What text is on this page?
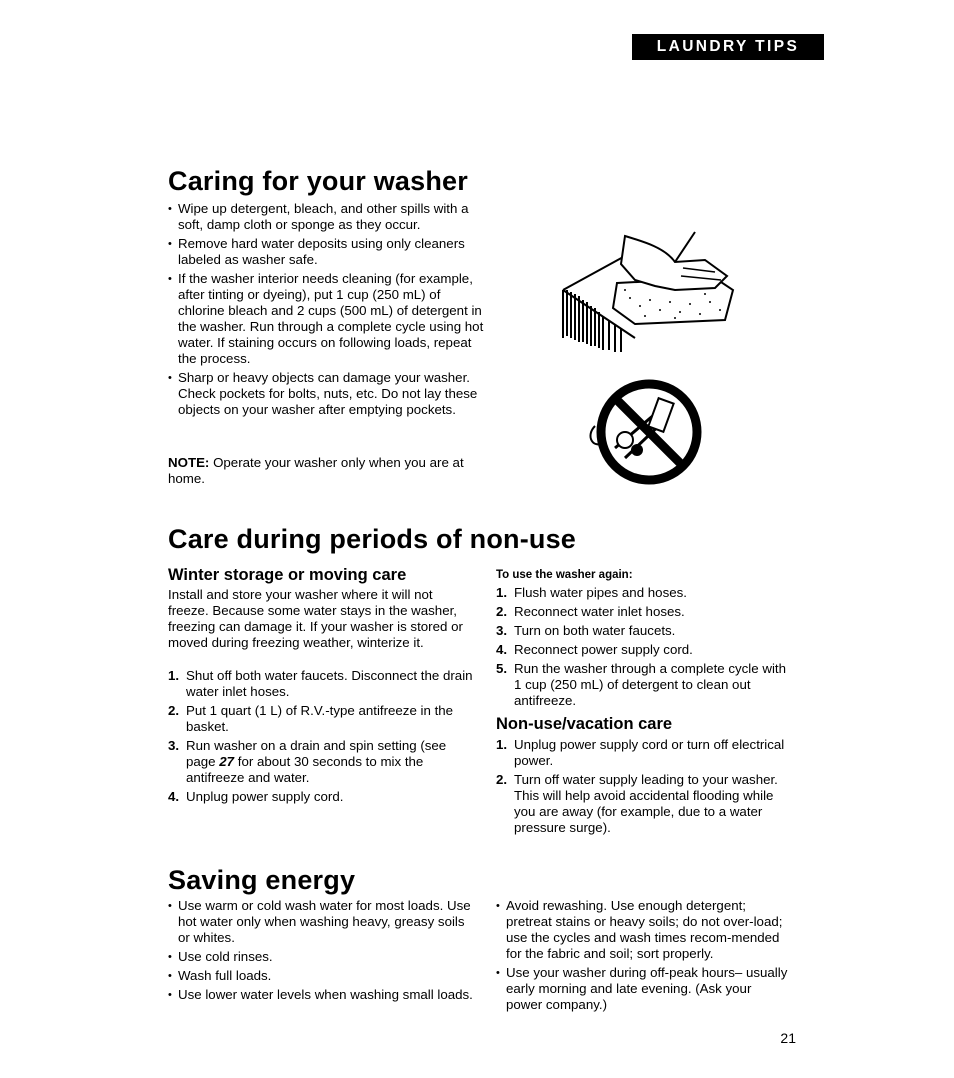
LAUNDRY TIPS
Caring for your washer
• Wipe up detergent, bleach, and other spills with a soft, damp cloth or sponge as they occur.
• Remove hard water deposits using only cleaners labeled as washer safe.
• If the washer interior needs cleaning (for example, after tinting or dyeing), put 1 cup (250 mL) of chlorine bleach and 2 cups (500 mL) of detergent in the washer. Run through a complete cycle using hot water. If staining occurs on following loads, repeat the process.
• Sharp or heavy objects can damage your washer. Check pockets for bolts, nuts, etc. Do not lay these objects on your washer after emptying pockets.
NOTE: Operate your washer only when you are at home.
Care during periods of non-use
Winter storage or moving care
Install and store your washer where it will not freeze. Because some water stays in the washer, freezing can damage it. If your washer is stored or moved during freezing weather, winterize it.
1. Shut off both water faucets. Disconnect the drain water inlet hoses.
2. Put 1 quart (1 L) of R.V.-type antifreeze in the basket.
3. Run washer on a drain and spin setting (see page 27 for about 30 seconds to mix the antifreeze and water.
4. Unplug power supply cord.
To use the washer again:
1. Flush water pipes and hoses.
2. Reconnect water inlet hoses.
3. Turn on both water faucets.
4. Reconnect power supply cord.
5. Run the washer through a complete cycle with 1 cup (250 mL) of detergent to clean out antifreeze.
Non-use/vacation care
1. Unplug power supply cord or turn off electrical power.
2. Turn off water supply leading to your washer. This will help avoid accidental flooding while you are away (for example, due to a water pressure surge).
Saving energy
• Use warm or cold wash water for most loads. Use hot water only when washing heavy, greasy soils or whites.
• Use cold rinses.
• Wash full loads.
• Use lower water levels when washing small loads.
• Avoid rewashing. Use enough detergent; pretreat stains or heavy soils; do not over-load; use the cycles and wash times recom-mended for the fabric and soil; sort properly.
• Use your washer during off-peak hours– usually early morning and late evening. (Ask your power company.)
21
